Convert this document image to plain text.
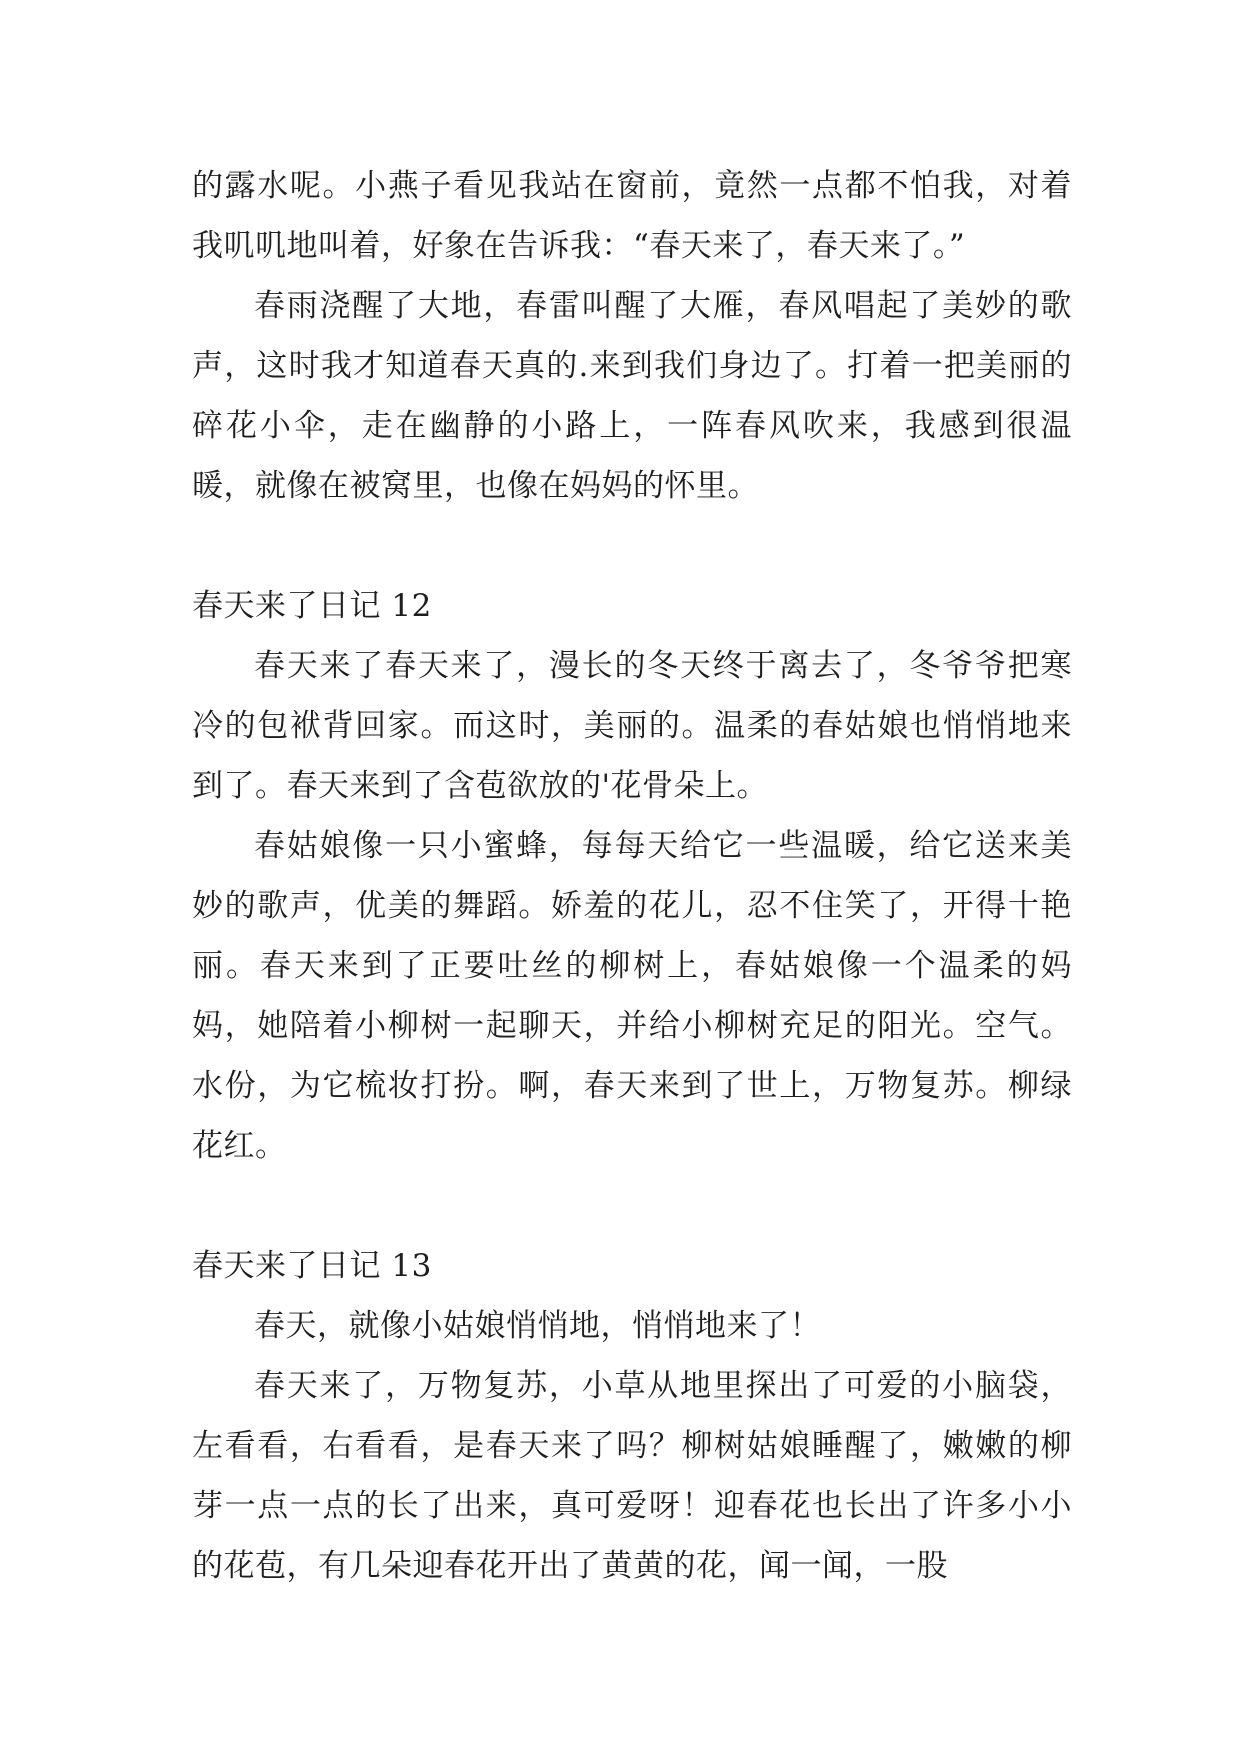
的露水呢。小燕子看见我站在窗前，竟然一点都不怕我，对着我叽叽地叫着，好象在告诉我：“春天来了，春天来了。”

春雨浇醒了大地，春雷叫醒了大雁，春风唱起了美妙的歌声，这时我才知道春天真的.来到我们身边了。打着一把美丽的碎花小伞，走在幽静的小路上，一阵春风吹来，我感到很温暖，就像在被窝里，也像在妈妈的怀里。

春天来了日记 12

春天来了春天来了，漫长的冬天终于离去了，冬爷爷把寒冷的包袱背回家。而这时，美丽的。温柔的春姑娘也悄悄地来到了。春天来到了含苞欲放的'花骨朵上。

春姑娘像一只小蜜蜂，每每天给它一些温暖，给它送来美妙的歌声，优美的舞蹈。娇羞的花儿，忍不住笑了，开得十艳丽。春天来到了正要吐丝的柳树上，春姑娘像一个温柔的妈妈，她陪着小柳树一起聊天，并给小柳树充足的阳光。空气。水份，为它梳妆打扮。啊，春天来到了世上，万物复苏。柳绿花红。

春天来了日记 13

春天，就像小姑娘悄悄地，悄悄地来了！

春天来了，万物复苏，小草从地里探出了可爱的小脑袋，左看看，右看看，是春天来了吗？柳树姑娘睡醒了，嫩嫩的柳芽一点一点的长了出来，真可爱呀！迎春花也长出了许多小小的花苞，有几朵迎春花开出了黄黄的花，闻一闻，一股
